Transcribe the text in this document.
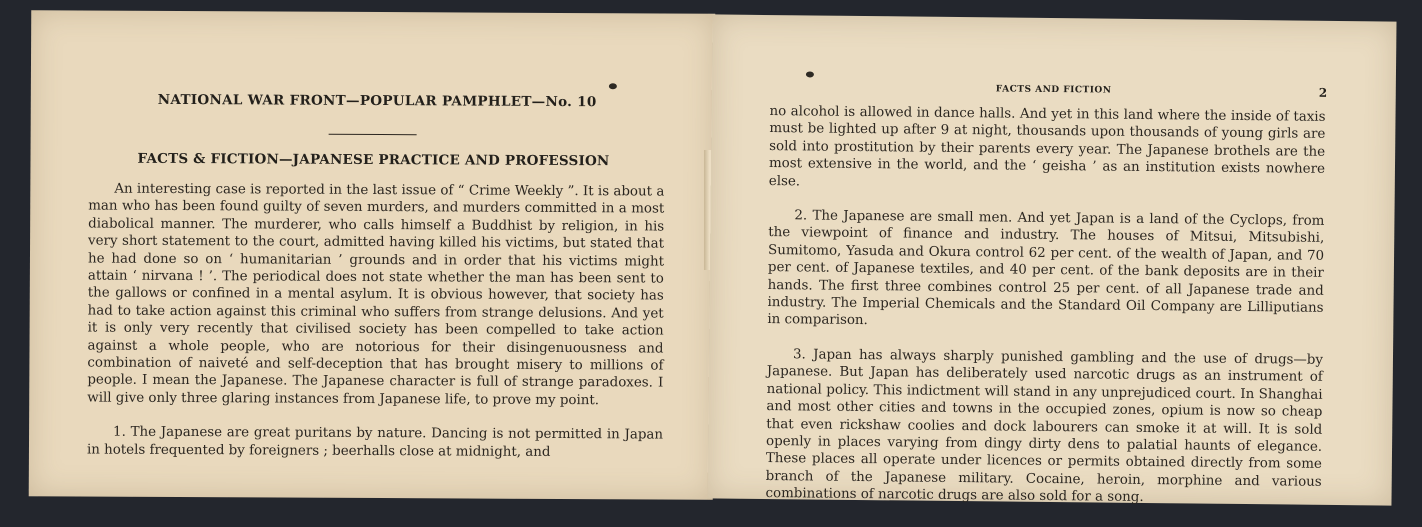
NATIONAL WAR FRONT—POPULAR PAMPHLET—No. 10
FACTS & FICTION—JAPANESE PRACTICE AND PROFESSION

An interesting case is reported in the last issue of “ Crime Weekly ”. It is about a man who has been found guilty of seven murders, and murders committed in a most diabolical manner. The murderer, who calls himself a Buddhist by religion, in his very short statement to the court, admitted having killed his victims, but stated that he had done so on ‘ humanitarian ’ grounds and in order that his victims might attain ‘ nirvana ! ’. The periodical does not state whether the man has been sent to the gallows or confined in a mental asylum. It is obvious however, that society has had to take action against this criminal who suffers from strange delusions. And yet it is only very recently that civilised society has been compelled to take action against a whole people, who are notorious for their disingenuousness and combination of naiveté and self-deception that has brought misery to millions of people. I mean the Japanese. The Japanese character is full of strange paradoxes. I will give only three glaring instances from Japanese life, to prove my point.

1. The Japanese are great puritans by nature. Dancing is not permitted in Japan in hotels frequented by foreigners ; beerhalls close at midnight, and

FACTS AND FICTION	2

no alcohol is allowed in dance halls. And yet in this land where the inside of taxis must be lighted up after 9 at night, thousands upon thousands of young girls are sold into prostitution by their parents every year. The Japanese brothels are the most extensive in the world, and the ‘ geisha ’ as an institution exists nowhere else.

2. The Japanese are small men. And yet Japan is a land of the Cyclops, from the viewpoint of finance and industry. The houses of Mitsui, Mitsubishi, Sumitomo, Yasuda and Okura control 62 per cent. of the wealth of Japan, and 70 per cent. of Japanese textiles, and 40 per cent. of the bank deposits are in their hands. The first three combines control 25 per cent. of all Japanese trade and industry. The Imperial Chemicals and the Standard Oil Company are Lilliputians in comparison.

3. Japan has always sharply punished gambling and the use of drugs—by Japanese. But Japan has deliberately used narcotic drugs as an instrument of national policy. This indictment will stand in any unprejudiced court. In Shanghai and most other cities and towns in the occupied zones, opium is now so cheap that even rickshaw coolies and dock labourers can smoke it at will. It is sold openly in places varying from dingy dirty dens to palatial haunts of elegance. These places all operate under licences or permits obtained directly from some branch of the Japanese military. Cocaine, heroin, morphine and various combinations of narcotic drugs are also sold for a song.
